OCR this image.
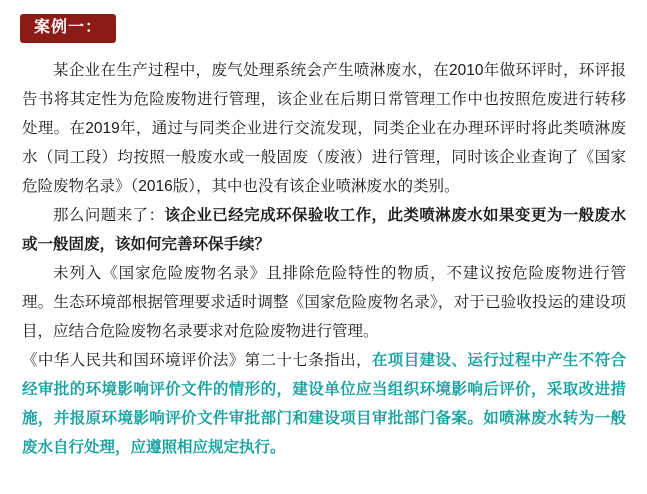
案例一：

某企业在生产过程中，废气处理系统会产生喷淋废水，在2010年做环评时，环评报告书将其定性为危险废物进行管理，该企业在后期日常管理工作中也按照危废进行转移处理。在2019年，通过与同类企业进行交流发现，同类企业在办理环评时将此类喷淋废水（同工段）均按照一般废水或一般固废（废液）进行管理，同时该企业查询了《国家危险废物名录》（2016版），其中也没有该企业喷淋废水的类别。

那么问题来了：该企业已经完成环保验收工作，此类喷淋废水如果变更为一般废水或一般固废，该如何完善环保手续？

未列入《国家危险废物名录》且排除危险特性的物质，不建议按危险废物进行管理。生态环境部根据管理要求适时调整《国家危险废物名录》，对于已验收投运的建设项目，应结合危险废物名录要求对危险废物进行管理。

《中华人民共和国环境评价法》第二十七条指出，在项目建设、运行过程中产生不符合经审批的环境影响评价文件的情形的，建设单位应当组织环境影响后评价，采取改进措施，并报原环境影响评价文件审批部门和建设项目审批部门备案。如喷淋废水转为一般废水自行处理，应遵照相应规定执行。
